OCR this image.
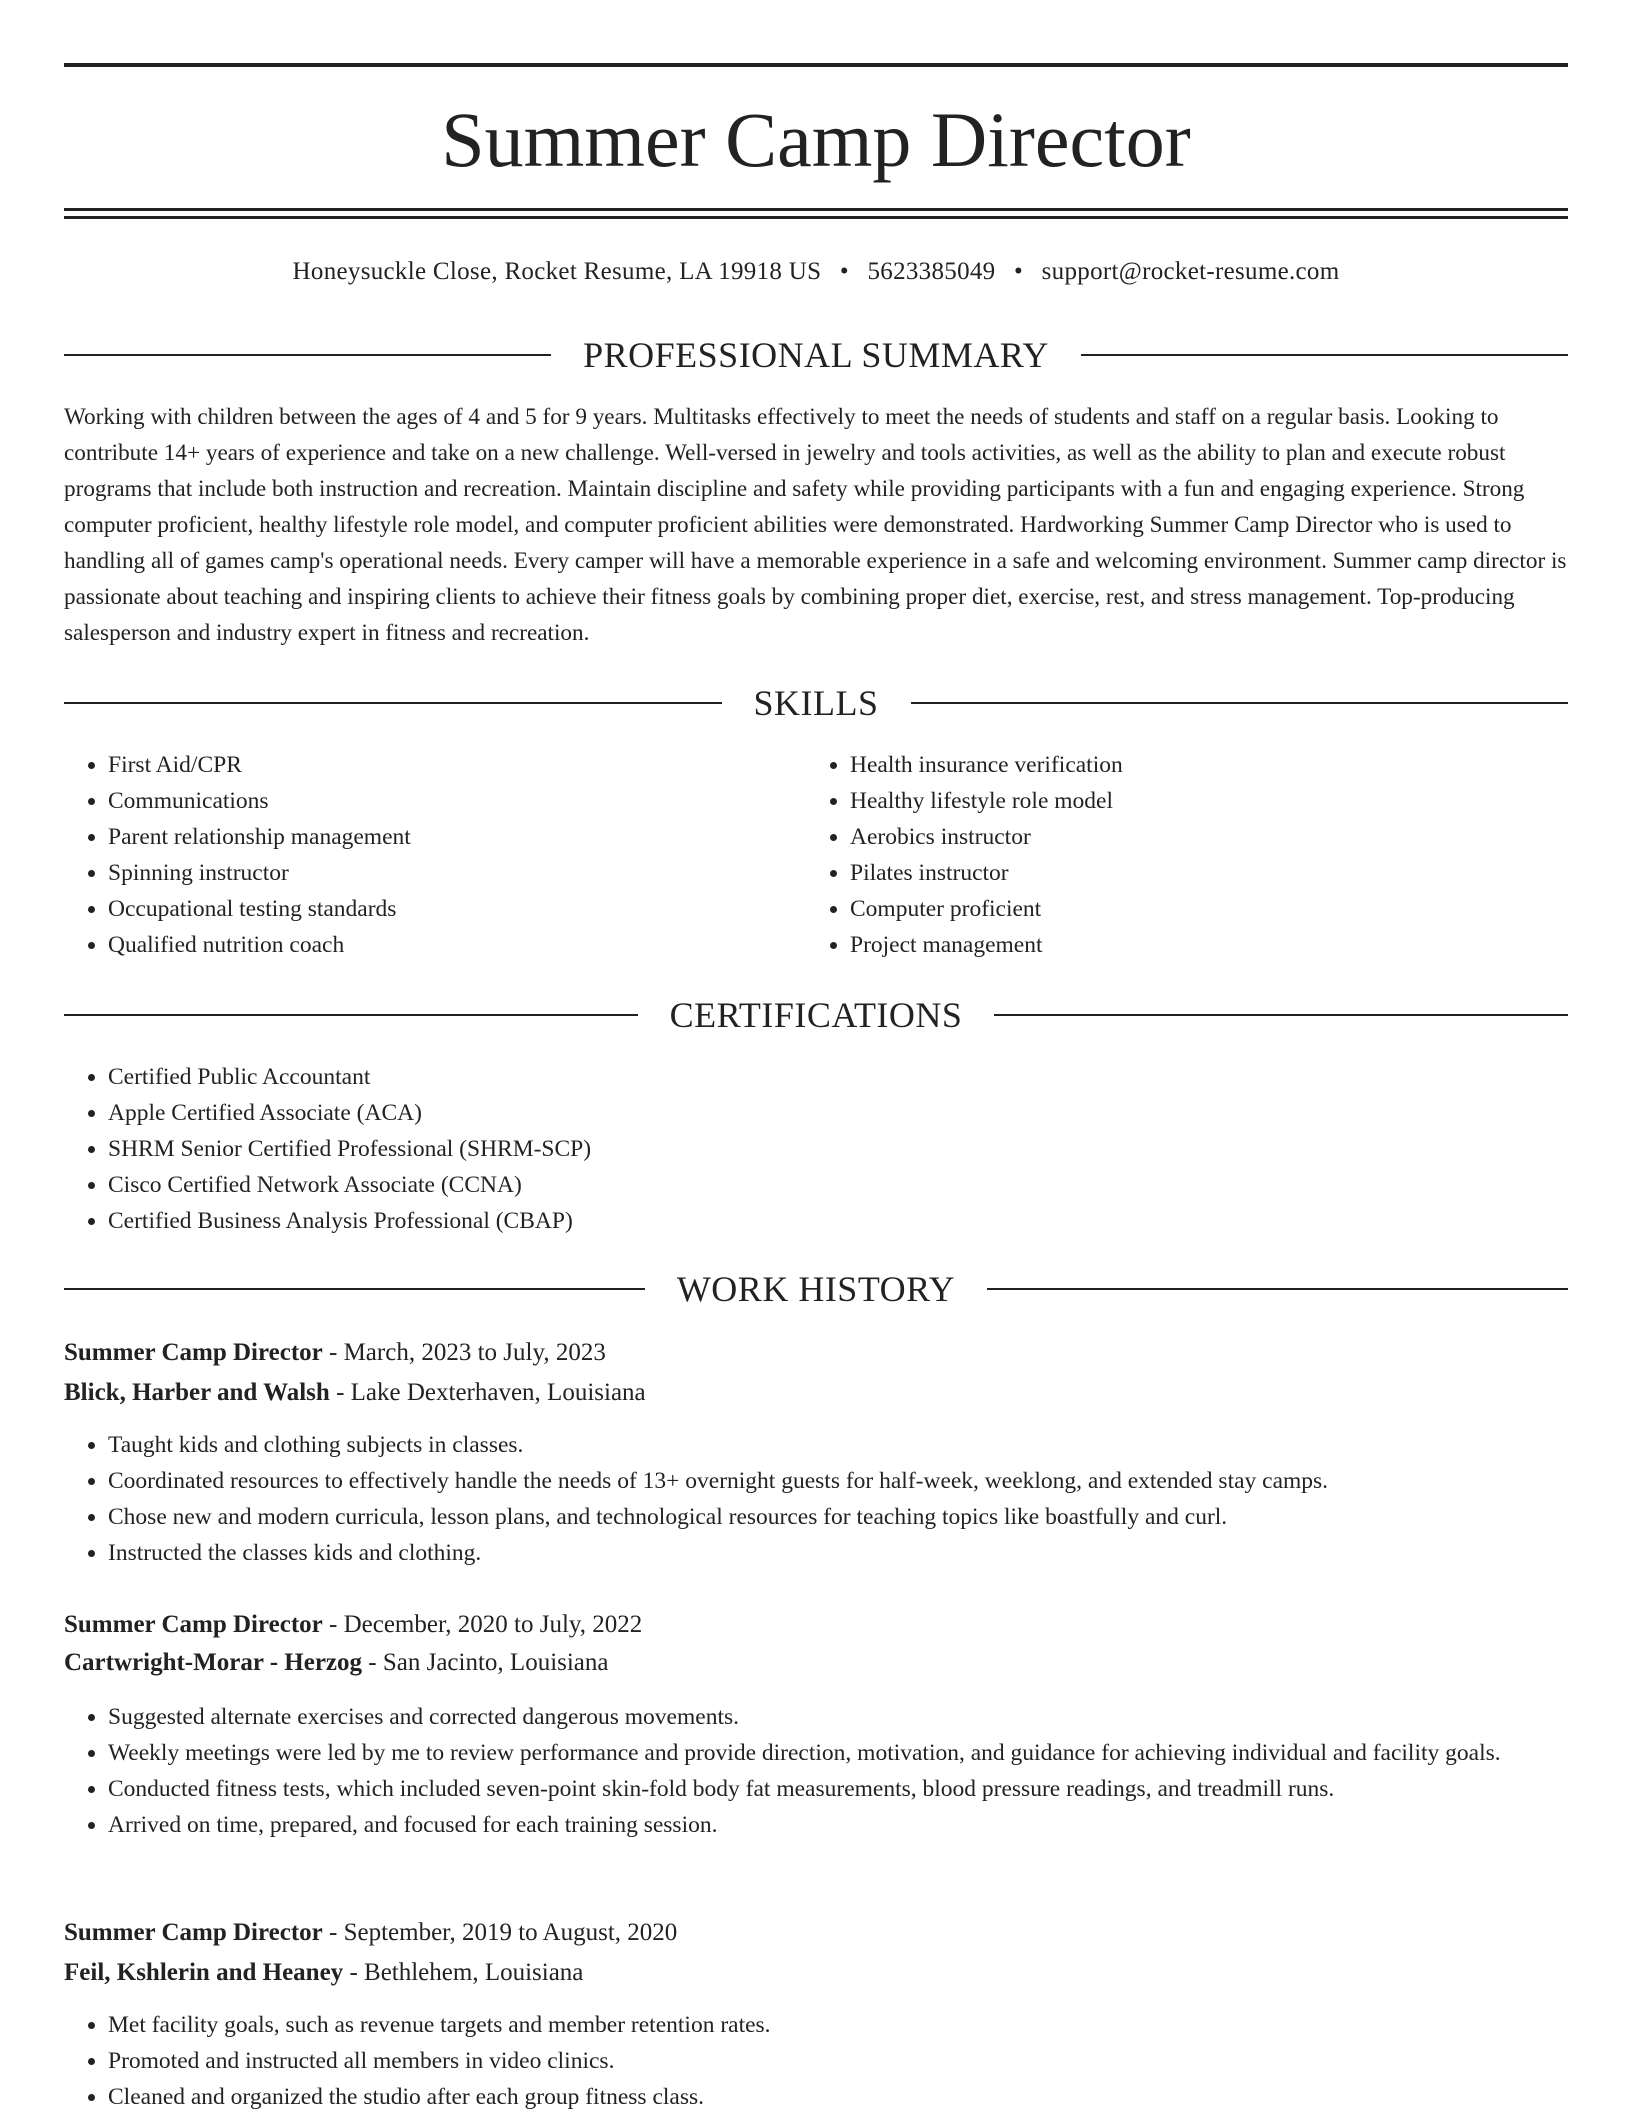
Summer Camp Director
Honeysuckle Close, Rocket Resume, LA 19918 US • 5623385049 • support@rocket-resume.com
PROFESSIONAL SUMMARY

Working with children between the ages of 4 and 5 for 9 years. Multitasks effectively to meet the needs of students and staff on a regular basis. Looking to contribute 14+ years of experience and take on a new challenge. Well-versed in jewelry and tools activities, as well as the ability to plan and execute robust programs that include both instruction and recreation. Maintain discipline and safety while providing participants with a fun and engaging experience. Strong computer proficient, healthy lifestyle role model, and computer proficient abilities were demonstrated. Hardworking Summer Camp Director who is used to handling all of games camp's operational needs. Every camper will have a memorable experience in a safe and welcoming environment. Summer camp director is passionate about teaching and inspiring clients to achieve their fitness goals by combining proper diet, exercise, rest, and stress management. Top-producing salesperson and industry expert in fitness and recreation.

SKILLS
• First Aid/CPR
• Communications
• Parent relationship management
• Spinning instructor
• Occupational testing standards
• Qualified nutrition coach
• Health insurance verification
• Healthy lifestyle role model
• Aerobics instructor
• Pilates instructor
• Computer proficient
• Project management
CERTIFICATIONS
• Certified Public Accountant
• Apple Certified Associate (ACA)
• SHRM Senior Certified Professional (SHRM-SCP)
• Cisco Certified Network Associate (CCNA)
• Certified Business Analysis Professional (CBAP)
WORK HISTORY
Summer Camp Director - March, 2023 to July, 2023
Blick, Harber and Walsh - Lake Dexterhaven, Louisiana
• Taught kids and clothing subjects in classes.
• Coordinated resources to effectively handle the needs of 13+ overnight guests for half-week, weeklong, and extended stay camps.
• Chose new and modern curricula, lesson plans, and technological resources for teaching topics like boastfully and curl.
• Instructed the classes kids and clothing.
Summer Camp Director - December, 2020 to July, 2022
Cartwright-Morar - Herzog - San Jacinto, Louisiana
• Suggested alternate exercises and corrected dangerous movements.
• Weekly meetings were led by me to review performance and provide direction, motivation, and guidance for achieving individual and facility goals.
• Conducted fitness tests, which included seven-point skin-fold body fat measurements, blood pressure readings, and treadmill runs.
• Arrived on time, prepared, and focused for each training session.
Summer Camp Director - September, 2019 to August, 2020
Feil, Kshlerin and Heaney - Bethlehem, Louisiana
• Met facility goals, such as revenue targets and member retention rates.
• Promoted and instructed all members in video clinics.
• Cleaned and organized the studio after each group fitness class.
